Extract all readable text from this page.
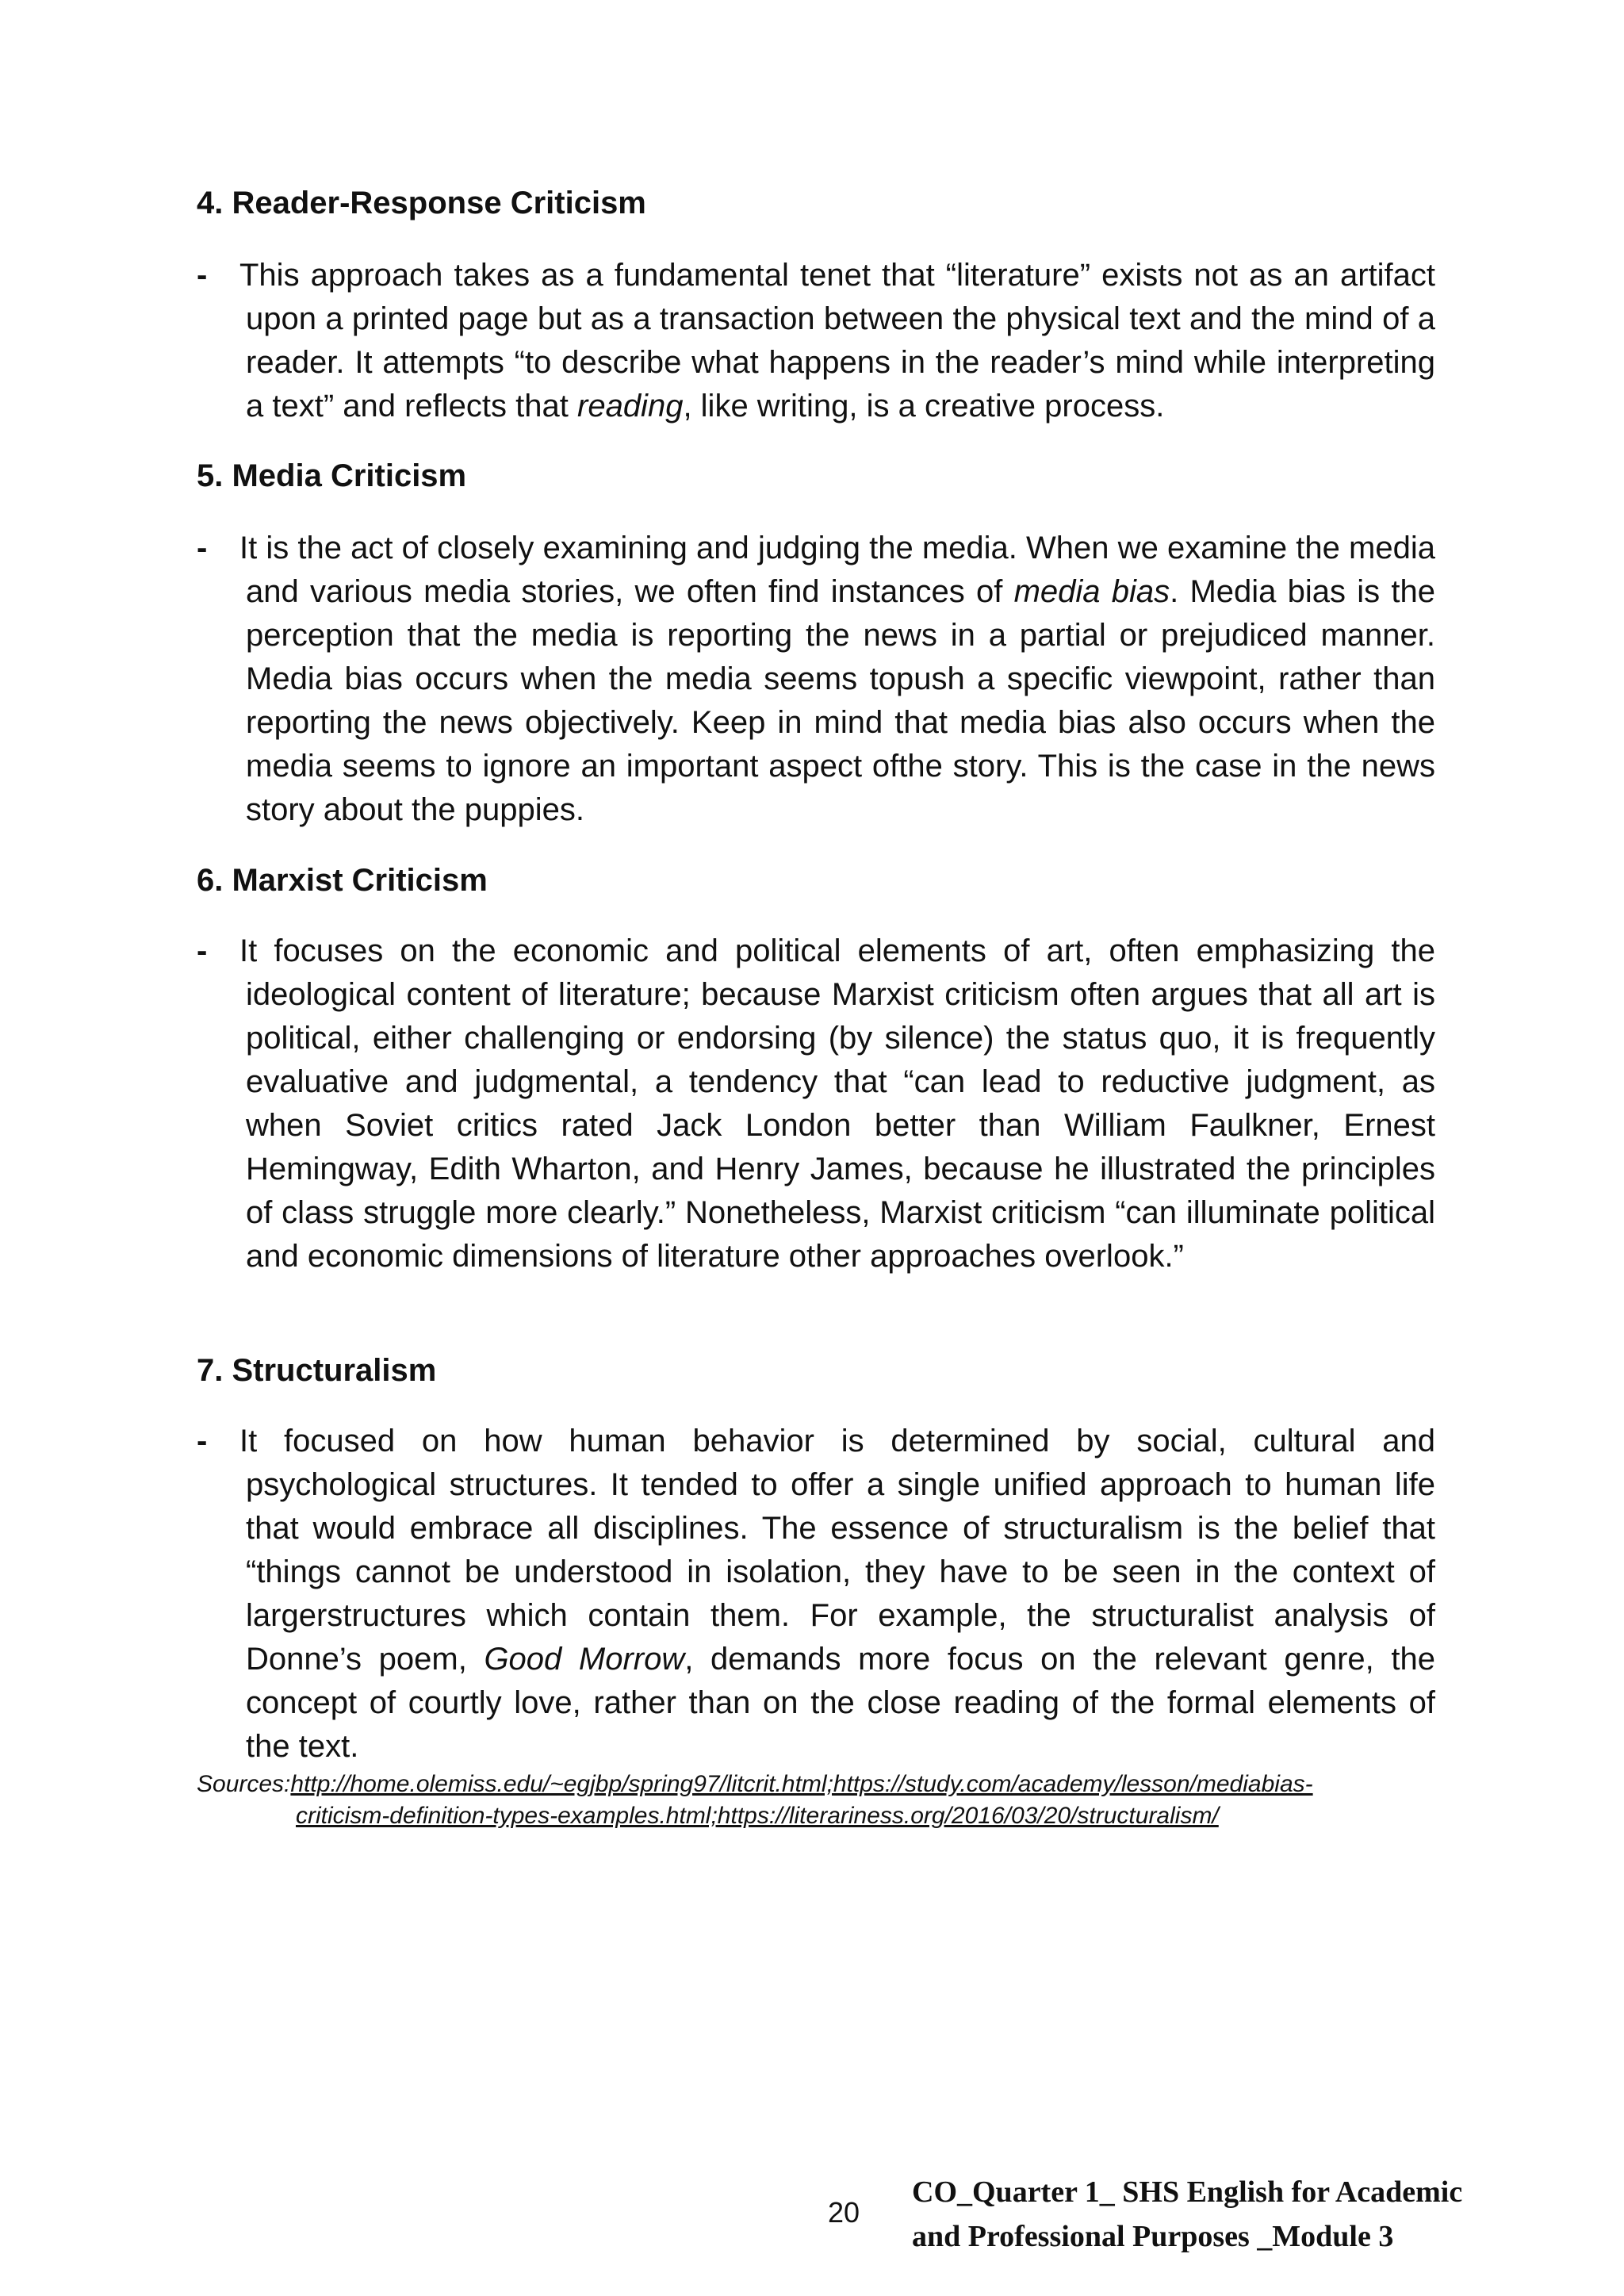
4. Reader-Response Criticism
- This approach takes as a fundamental tenet that “literature” exists not as an artifact upon a printed page but as a transaction between the physical text and the mind of a reader. It attempts “to describe what happens in the reader’s mind while interpreting a text” and reflects that reading, like writing, is a creative process.
5. Media Criticism
- It is the act of closely examining and judging the media. When we examine the media and various media stories, we often find instances of media bias. Media bias is the perception that the media is reporting the news in a partial or prejudiced manner. Media bias occurs when the media seems topush a specific viewpoint, rather than reporting the news objectively. Keep in mind that media bias also occurs when the media seems to ignore an important aspect ofthe story. This is the case in the news story about the puppies.
6. Marxist Criticism
- It focuses on the economic and political elements of art, often emphasizing the ideological content of literature; because Marxist criticism often argues that all art is political, either challenging or endorsing (by silence) the status quo, it is frequently evaluative and judgmental, a tendency that “can lead to reductive judgment, as when Soviet critics rated Jack London better than William Faulkner, Ernest Hemingway, Edith Wharton, and Henry James, because he illustrated the principles of class struggle more clearly.” Nonetheless, Marxist criticism “can illuminate political and economic dimensions of literature other approaches overlook.”
7. Structuralism
- It focused on how human behavior is determined by social, cultural and psychological structures. It tended to offer a single unified approach to human life that would embrace all disciplines. The essence of structuralism is the belief that “things cannot be understood in isolation, they have to be seen in the context of largerstructures which contain them. For example, the structuralist analysis of Donne’s poem, Good Morrow, demands more focus on the relevant genre, the concept of courtly love, rather than on the close reading of the formal elements of the text.
Sources:http://home.olemiss.edu/~egjbp/spring97/litcrit.html;https://study.com/academy/lesson/mediabias-
criticism-definition-types-examples.html;https://literariness.org/2016/03/20/structuralism/
20
CO_Quarter 1_ SHS English for Academic
and Professional Purposes _Module 3
